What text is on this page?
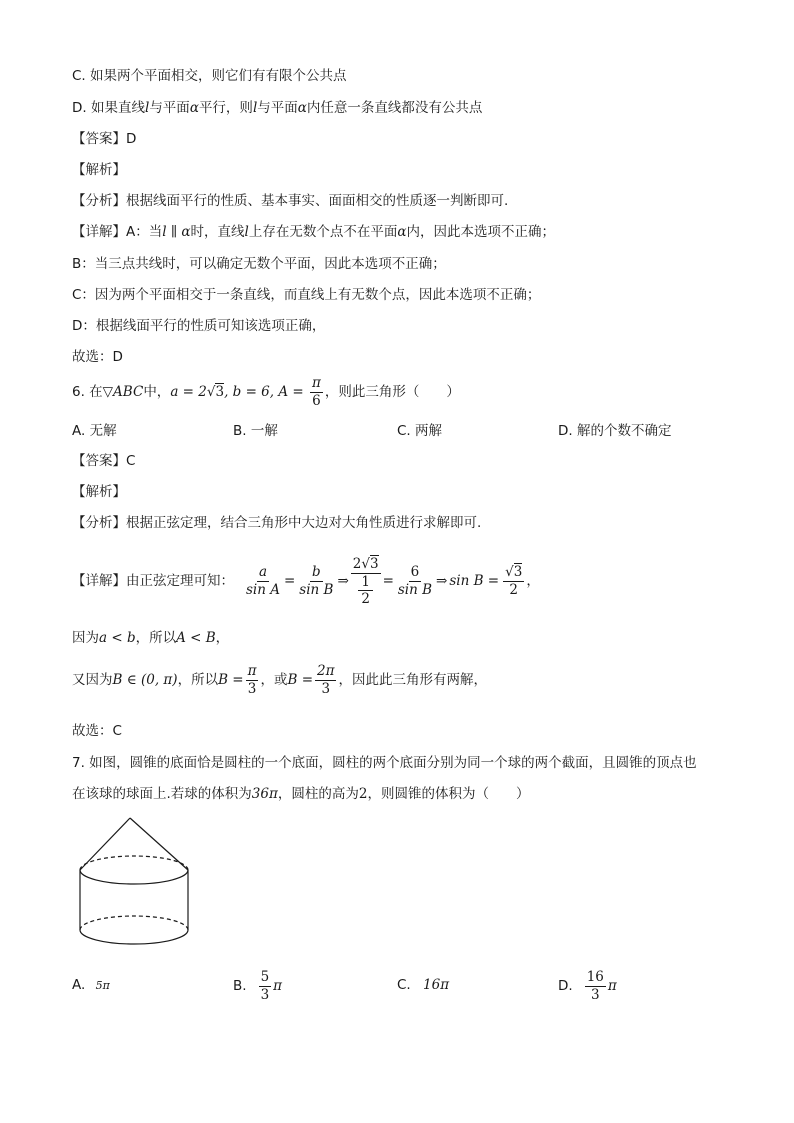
C. 如果两个平面相交，则它们有有限个公共点
D. 如果直线l与平面α平行，则l与平面α内任意一条直线都没有公共点
【答案】D
【解析】
【分析】根据线面平行的性质、基本事实、面面相交的性质逐一判断即可.
【详解】A：当l ∥ α时，直线l上存在无数个点不在平面α内，因此本选项不正确；
B：当三点共线时，可以确定无数个平面，因此本选项不正确；
C：因为两个平面相交于一条直线，而直线上有无数个点，因此本选项不正确；
D：根据线面平行的性质可知该选项正确，
故选：D
6. 在▽ABC中，a = 2√3, b = 6, $A = \frac{\pi}{6}$ ，则此三角形（　　）
A. 无解	B. 一解	C. 两解	D. 解的个数不确定
【答案】C
【解析】
【分析】根据正弦定理，结合三角形中大边对大角性质进行求解即可.
【详解】由正弦定理可知： $\frac{a}{\text{sin A}} = \frac{b}{\text{sin B}}$ ⇒ $\frac{2√3}{\frac{1}{2}} = \frac{6}{\text{sin B}}$ ⇒ $\sin B = \frac{√3}{2}$ ，
因为a < b，所以A < B，
又因为 B ∈ (0, π) ，所以 $B = \frac{\pi}{3}$ ，或 $B = \frac{2\pi}{3}$ ，因此此三角形有两解，
故选：C
7. 如图，圆锥的底面恰是圆柱的一个底面，圆柱的两个底面分别为同一个球的两个截面，且圆锥的顶点也
在该球的球面上.若球的体积为36π，圆柱的高为2，则圆锥的体积为（　　）
A. 5π	B. $\frac{5}{3}$ π	C. 16π	D. $\frac{16}{3}$ π
